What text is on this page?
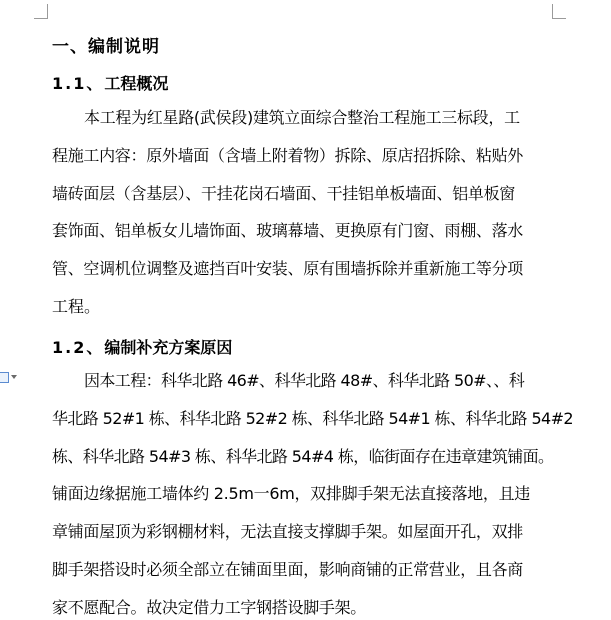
一、编制说明
1.1、工程概况
本工程为红星路(武侯段)建筑立面综合整治工程施工三标段，工
程施工内容：原外墙面（含墙上附着物）拆除、原店招拆除、粘贴外
墙砖面层（含基层）、干挂花岗石墙面、干挂铝单板墙面、铝单板窗
套饰面、铝单板女儿墙饰面、玻璃幕墙、更换原有门窗、雨棚、落水
管、空调机位调整及遮挡百叶安装、原有围墙拆除并重新施工等分项
工程。
1.2、编制补充方案原因
因本工程：科华北路 46#、科华北路 48#、科华北路 50#、、科
华北路 52#1 栋、科华北路 52#2 栋、科华北路 54#1 栋、科华北路 54#2
栋、科华北路 54#3 栋、科华北路 54#4 栋，临街面存在违章建筑铺面。
铺面边缘据施工墙体约 2.5m一6m，双排脚手架无法直接落地，且违
章铺面屋顶为彩钢棚材料，无法直接支撑脚手架。如屋面开孔，双排
脚手架搭设时必须全部立在铺面里面，影响商铺的正常营业，且各商
家不愿配合。故决定借力工字钢搭设脚手架。
